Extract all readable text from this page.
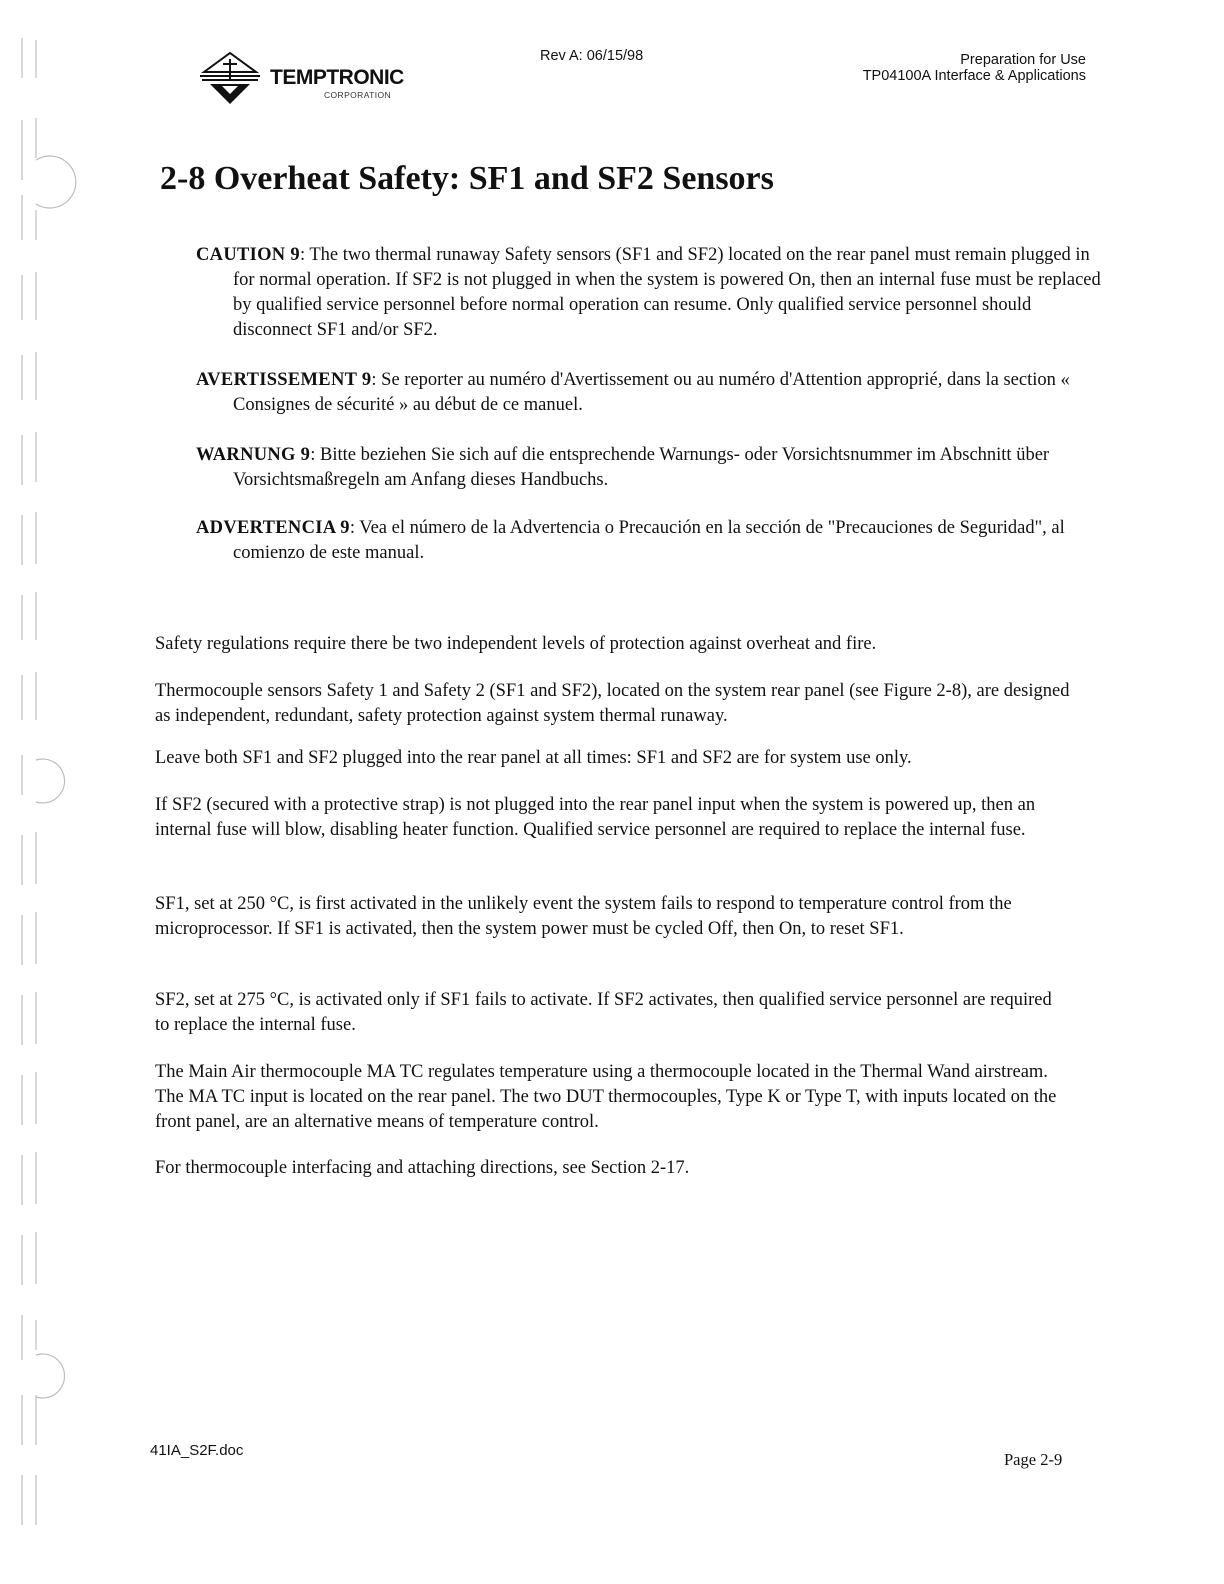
TEMPTRONIC
CORPORATION
Rev A: 06/15/98	Preparation for Use
TP04100A Interface & Applications
2-8 Overheat Safety: SF1 and SF2 Sensors

CAUTION 9: The two thermal runaway Safety sensors (SF1 and SF2) located on the rear panel must remain plugged in for normal operation. If SF2 is not plugged in when the system is powered On, then an internal fuse must be replaced by qualified service personnel before normal operation can resume. Only qualified service personnel should disconnect SF1 and/or SF2.

AVERTISSEMENT 9: Se reporter au numéro d'Avertissement ou au numéro d'Attention approprié, dans la section « Consignes de sécurité » au début de ce manuel.

WARNUNG 9: Bitte beziehen Sie sich auf die entsprechende Warnungs- oder Vorsichtsnummer im Abschnitt über Vorsichtsmaßregeln am Anfang dieses Handbuchs.

ADVERTENCIA 9: Vea el número de la Advertencia o Precaución en la sección de "Precauciones de Seguridad", al comienzo de este manual.

Safety regulations require there be two independent levels of protection against overheat and fire.

Thermocouple sensors Safety 1 and Safety 2 (SF1 and SF2), located on the system rear panel (see Figure 2-8), are designed as independent, redundant, safety protection against system thermal runaway.

Leave both SF1 and SF2 plugged into the rear panel at all times: SF1 and SF2 are for system use only.

If SF2 (secured with a protective strap) is not plugged into the rear panel input when the system is powered up, then an internal fuse will blow, disabling heater function. Qualified service personnel are required to replace the internal fuse.

SF1, set at 250 °C, is first activated in the unlikely event the system fails to respond to temperature control from the microprocessor. If SF1 is activated, then the system power must be cycled Off, then On, to reset SF1.

SF2, set at 275 °C, is activated only if SF1 fails to activate. If SF2 activates, then qualified service personnel are required to replace the internal fuse.

The Main Air thermocouple MA TC regulates temperature using a thermocouple located in the Thermal Wand airstream. The MA TC input is located on the rear panel. The two DUT thermocouples, Type K or Type T, with inputs located on the front panel, are an alternative means of temperature control.

For thermocouple interfacing and attaching directions, see Section 2-17.

41IA_S2F.doc	Page 2-9
